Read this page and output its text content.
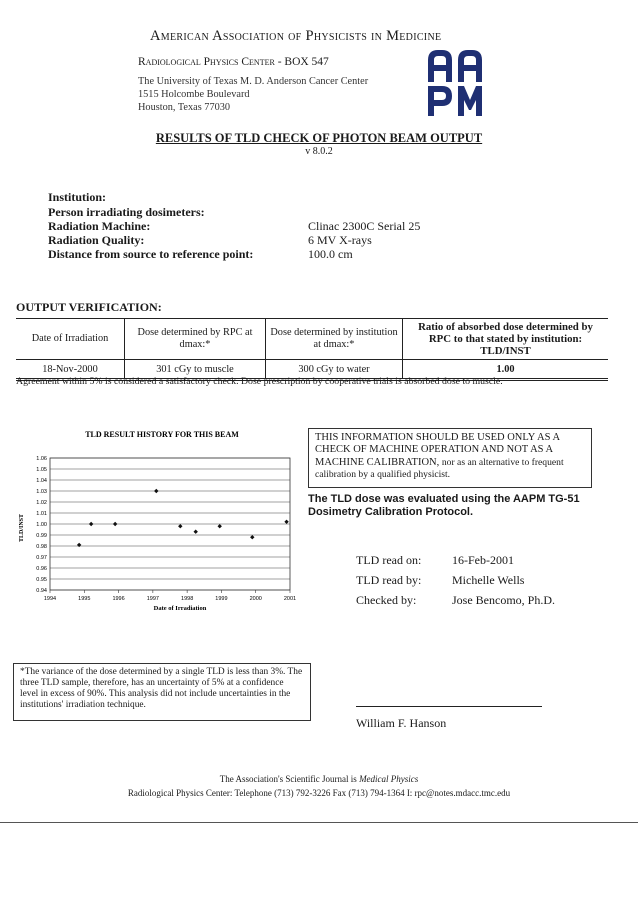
American Association of Physicists in Medicine
Radiological Physics Center - BOX 547
The University of Texas M. D. Anderson Cancer Center
1515 Holcombe Boulevard
Houston, Texas 77030
RESULTS OF TLD CHECK OF PHOTON BEAM OUTPUT
v 8.0.2
Institution:
Person irradiating dosimeters:
Radiation Machine:	Clinac 2300C Serial 25
Radiation Quality:	6 MV X-rays
Distance from source to reference point:	100.0 cm
OUTPUT VERIFICATION:
Date of Irradiation	Dose determined by RPC at dmax:*	Dose determined by institution at dmax:*	Ratio of absorbed dose determined by RPC to that stated by institution: TLD/INST
18-Nov-2000	301 cGy to muscle	300 cGy to water	1.00
Agreement within 5% is considered a satisfactory check. Dose prescription by cooperative trials is absorbed dose to muscle.
TLD RESULT HISTORY FOR THIS BEAM
1.06
1.05
1.04
1.03
1.02
1.01
1.00
0.99
0.98
0.97
0.96
0.95
0.94
1994	1995	1996	1997	1998	1999	2000	2001
Date of Irradiation
TLD/INST
THIS INFORMATION SHOULD BE USED ONLY AS A CHECK OF MACHINE OPERATION AND NOT AS A MACHINE CALIBRATION, nor as an alternative to frequent calibration by a qualified physicist.
The TLD dose was evaluated using the AAPM TG-51 Dosimetry Calibration Protocol.
TLD read on:	16-Feb-2001
TLD read by:	Michelle Wells
Checked by:	Jose Bencomo, Ph.D.
*The variance of the dose determined by a single TLD is less than 3%. The three TLD sample, therefore, has an uncertainty of 5% at a confidence level in excess of 90%. This analysis did not include uncertainties in the institutions' irradiation technique.
William F. Hanson
The Association's Scientific Journal is Medical Physics
Radiological Physics Center: Telephone (713) 792-3226 Fax (713) 794-1364 I: rpc@notes.mdacc.tmc.edu
